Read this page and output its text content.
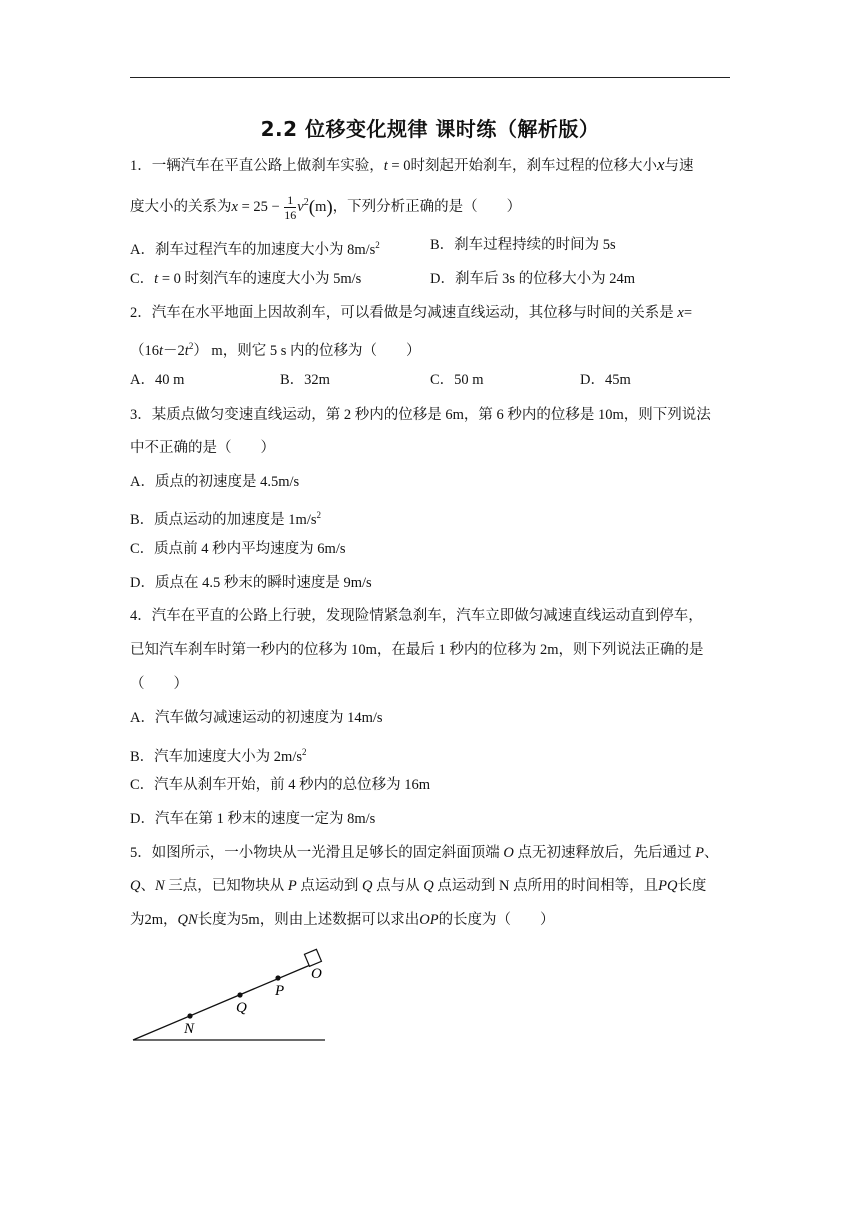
2.2 位移变化规律 课时练（解析版）
1．一辆汽车在平直公路上做刹车实验，t = 0时刻起开始刹车，刹车过程的位移大小x与速
度大小的关系为$x = 25 - \frac{1}{16} v^2(m)$，下列分析正确的是（　　）
A．刹车过程汽车的加速度大小为 $8m/s^2$	B．刹车过程持续的时间为 5s
C．t = 0 时刻汽车的速度大小为 5m/s	D．刹车后 3s 的位移大小为 24m
2．汽车在水平地面上因故刹车，可以看做是匀减速直线运动，其位移与时间的关系是 x=
$(16t-2t^2)$ m，则它 5 s 内的位移为（　　）
A．40 m	B．32m	C．50 m	D．45m
3．某质点做匀变速直线运动，第 2 秒内的位移是 6m，第 6 秒内的位移是 10m，则下列说法
中不正确的是（　　）
A．质点的初速度是 4.5m/s
B．质点运动的加速度是 $1m/s^2$
C．质点前 4 秒内平均速度为 6m/s
D．质点在 4.5 秒末的瞬时速度是 9m/s
4．汽车在平直的公路上行驶，发现险情紧急刹车，汽车立即做匀减速直线运动直到停车，
已知汽车刹车时第一秒内的位移为 10m，在最后 1 秒内的位移为 2m，则下列说法正确的是
（　　）
A．汽车做匀减速运动的初速度为 14m/s
B．汽车加速度大小为 $2m/s^2$
C．汽车从刹车开始，前 4 秒内的总位移为 16m
D．汽车在第 1 秒末的速度一定为 8m/s
5．如图所示，一小物块从一光滑且足够长的固定斜面顶端 O 点无初速释放后，先后通过 P、
Q、N 三点，已知物块从 P 点运动到 Q 点与从 Q 点运动到 N 点所用的时间相等，且PQ长度
为2m，QN长度为5m，则由上述数据可以求出OP的长度为（　　）
O
P
Q
N
